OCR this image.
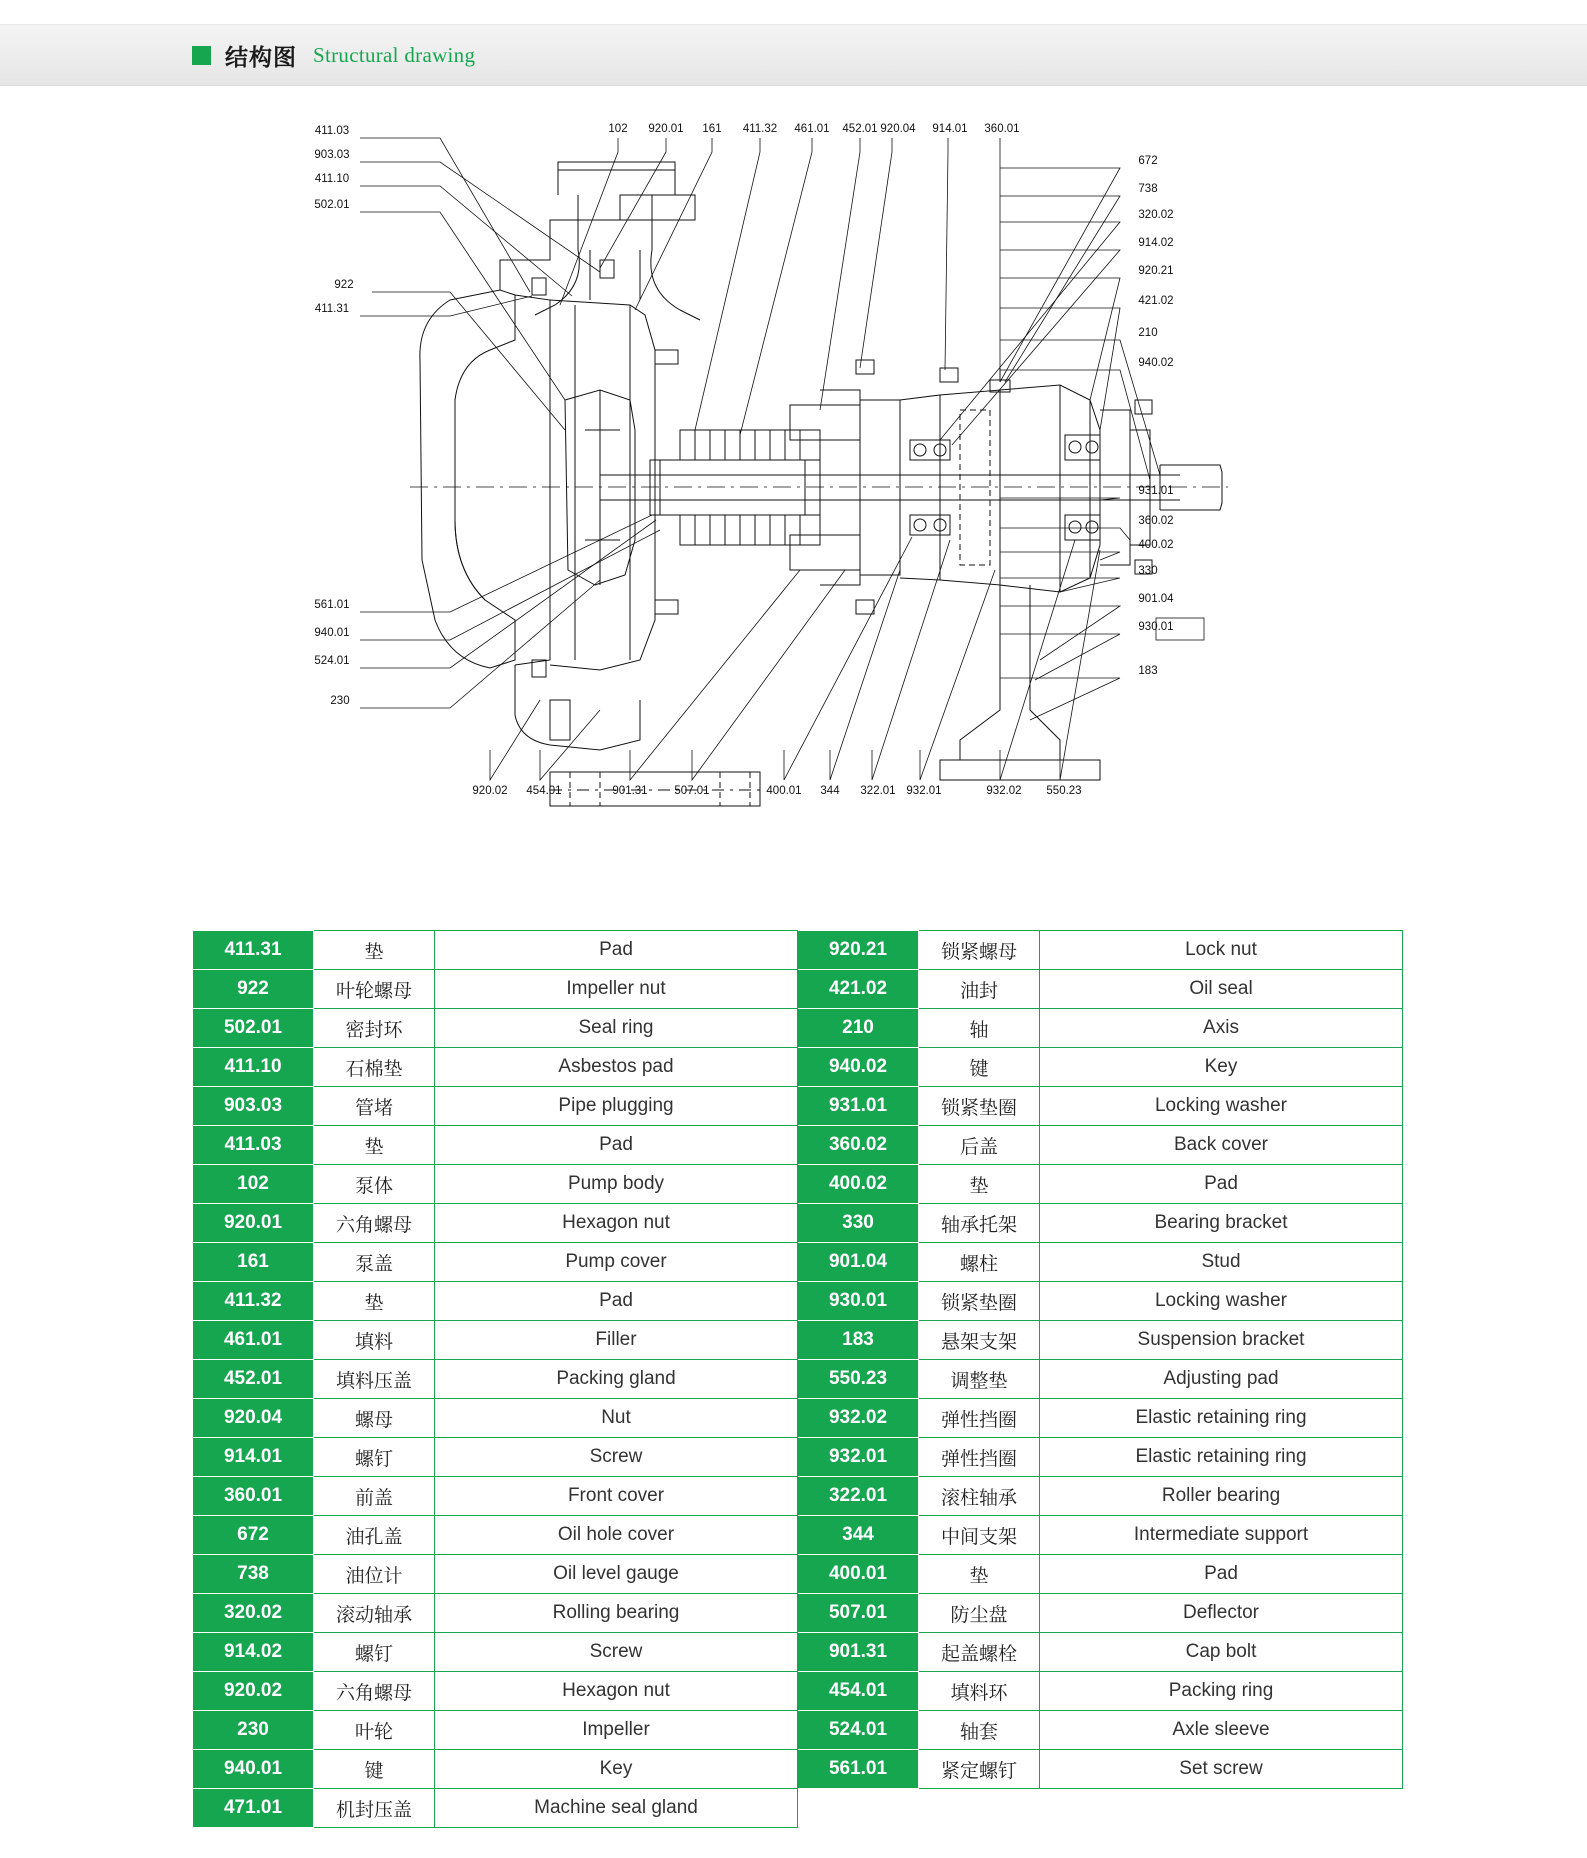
结构图 Structural drawing
411.03
903.03
411.10
502.01
922
411.31
561.01
940.01
524.01
230
102 920.01 161 411.32 461.01 452.01 920.04 914.01 360.01
672
738
320.02
914.02
920.21
421.02
210
940.02
931.01
360.02
400.02
330
901.04
930.01
183
920.02 454.01	901.31 507.01	400.01 344 322.01 932.01	932.02 550.23
411.31	垫	Pad	920.21	锁紧螺母	Lock nut
922	叶轮螺母	Impeller nut	421.02	油封	Oil seal
502.01	密封环	Seal ring	210	轴	Axis
411.10	石棉垫	Asbestos pad	940.02	键	Key
903.03	管堵	Pipe plugging	931.01	锁紧垫圈	Locking washer
411.03	垫	Pad	360.02	后盖	Back cover
102	泵体	Pump body	400.02	垫	Pad
920.01	六角螺母	Hexagon nut	330	轴承托架	Bearing bracket
161	泵盖	Pump cover	901.04	螺柱	Stud
411.32	垫	Pad	930.01	锁紧垫圈	Locking washer
461.01	填料	Filler	183	悬架支架	Suspension bracket
452.01	填料压盖	Packing gland	550.23	调整垫	Adjusting pad
920.04	螺母	Nut	932.02	弹性挡圈	Elastic retaining ring
914.01	螺钉	Screw	932.01	弹性挡圈	Elastic retaining ring
360.01	前盖	Front cover	322.01	滚柱轴承	Roller bearing
672	油孔盖	Oil hole cover	344	中间支架	Intermediate support
738	油位计	Oil level gauge	400.01	垫	Pad
320.02	滚动轴承	Rolling bearing	507.01	防尘盘	Deflector
914.02	螺钉	Screw	901.31	起盖螺栓	Cap bolt
920.02	六角螺母	Hexagon nut	454.01	填料环	Packing ring
230	叶轮	Impeller	524.01	轴套	Axle sleeve
940.01	键	Key	561.01	紧定螺钉	Set screw
471.01	机封压盖	Machine seal gland			
